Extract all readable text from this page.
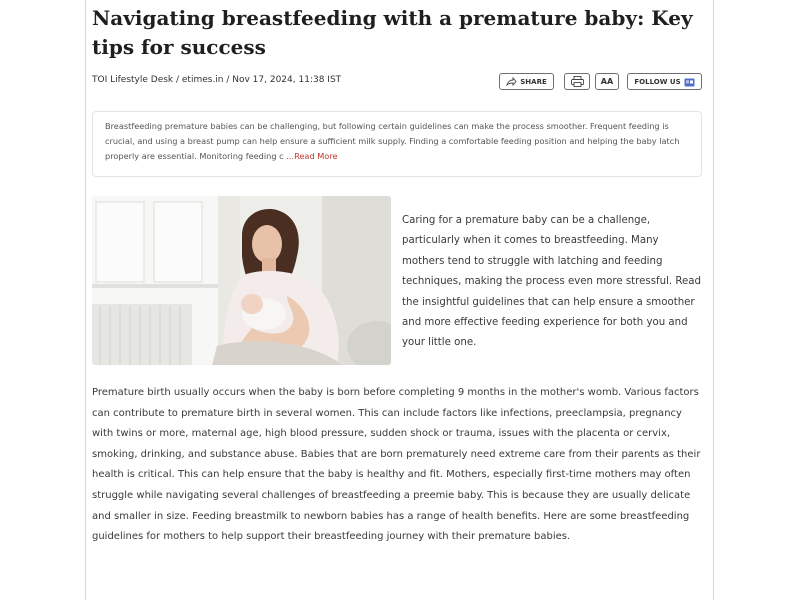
Navigating breastfeeding with a premature baby: Key tips for success
TOI Lifestyle Desk / etimes.in / Nov 17, 2024, 11:38 IST	SHARE	AA	FOLLOW US
Breastfeeding premature babies can be challenging, but following certain guidelines can make the process smoother. Frequent feeding is crucial, and using a breast pump can help ensure a sufficient milk supply. Finding a comfortable feeding position and helping the baby latch properly are essential. Monitoring feeding c ...Read More

Caring for a premature baby can be a challenge, particularly when it comes to breastfeeding. Many mothers tend to struggle with latching and feeding techniques, making the process even more stressful. Read the insightful guidelines that can help ensure a smoother and more effective feeding experience for both you and your little one.

Premature birth usually occurs when the baby is born before completing 9 months in the mother's womb. Various factors can contribute to premature birth in several women. This can include factors like infections, preeclampsia, pregnancy with twins or more, maternal age, high blood pressure, sudden shock or trauma, issues with the placenta or cervix, smoking, drinking, and substance abuse. Babies that are born prematurely need extreme care from their parents as their health is critical. This can help ensure that the baby is healthy and fit. Mothers, especially first-time mothers may often struggle while navigating several challenges of breastfeeding a preemie baby. This is because they are usually delicate and smaller in size. Feeding breastmilk to newborn babies has a range of health benefits. Here are some breastfeeding guidelines for mothers to help support their breastfeeding journey with their premature babies.
